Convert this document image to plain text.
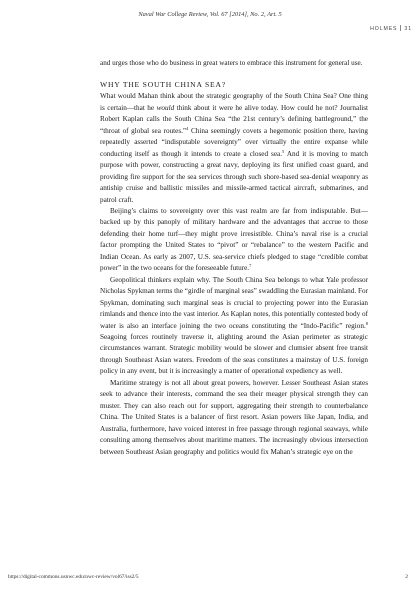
Naval War College Review, Vol. 67 [2014], No. 2, Art. 5
HOLMES 31

and urges those who do business in great waters to embrace this instrument for general use.

WHY THE SOUTH CHINA SEA?

What would Mahan think about the strategic geography of the South China Sea? One thing is certain—that he would think about it were he alive today. How could he not? Journalist Robert Kaplan calls the South China Sea “the 21st century’s defining battleground,” the “throat of global sea routes.”$^4$ China seemingly covets a hegemonic position there, having repeatedly asserted “indisputable sovereignty” over virtually the entire expanse while conducting itself as though it intends to create a closed sea.$^5$ And it is moving to match purpose with power, constructing a great navy, deploying its first unified coast guard, and providing fire support for the sea services through such shore-based sea-denial weaponry as antiship cruise and ballistic missiles and missile-armed tactical aircraft, submarines, and patrol craft.

Beijing’s claims to sovereignty over this vast realm are far from indisputable. But—backed up by this panoply of military hardware and the advantages that accrue to those defending their home turf—they might prove irresistible. China’s naval rise is a crucial factor prompting the United States to “pivot” or “rebalance” to the western Pacific and Indian Ocean. As early as 2007, U.S. sea-service chiefs pledged to stage “credible combat power” in the two oceans for the foreseeable future.$^7$

Geopolitical thinkers explain why. The South China Sea belongs to what Yale professor Nicholas Spykman terms the “girdle of marginal seas” swaddling the Eurasian mainland. For Spykman, dominating such marginal seas is crucial to projecting power into the Eurasian rimlands and thence into the vast interior. As Kaplan notes, this potentially contested body of water is also an interface joining the two oceans constituting the “Indo-Pacific” region.$^8$ Seagoing forces routinely traverse it, alighting around the Asian perimeter as strategic circumstances warrant. Strategic mobility would be slower and clumsier absent free transit through Southeast Asian waters. Freedom of the seas constitutes a mainstay of U.S. foreign policy in any event, but it is increasingly a matter of operational expediency as well.

Maritime strategy is not all about great powers, however. Lesser Southeast Asian states seek to advance their interests, command the sea their meager physical strength they can muster. They can also reach out for support, aggregating their strength to counterbalance China. The United States is a balancer of first resort. Asian powers like Japan, India, and Australia, furthermore, have voiced interest in free passage through regional seaways, while consulting among themselves about maritime matters. The increasingly obvious intersection between Southeast Asian geography and politics would fix Mahan’s strategic eye on the

https://digital-commons.usnwc.edu/nwc-review/vol67/iss2/5	2
